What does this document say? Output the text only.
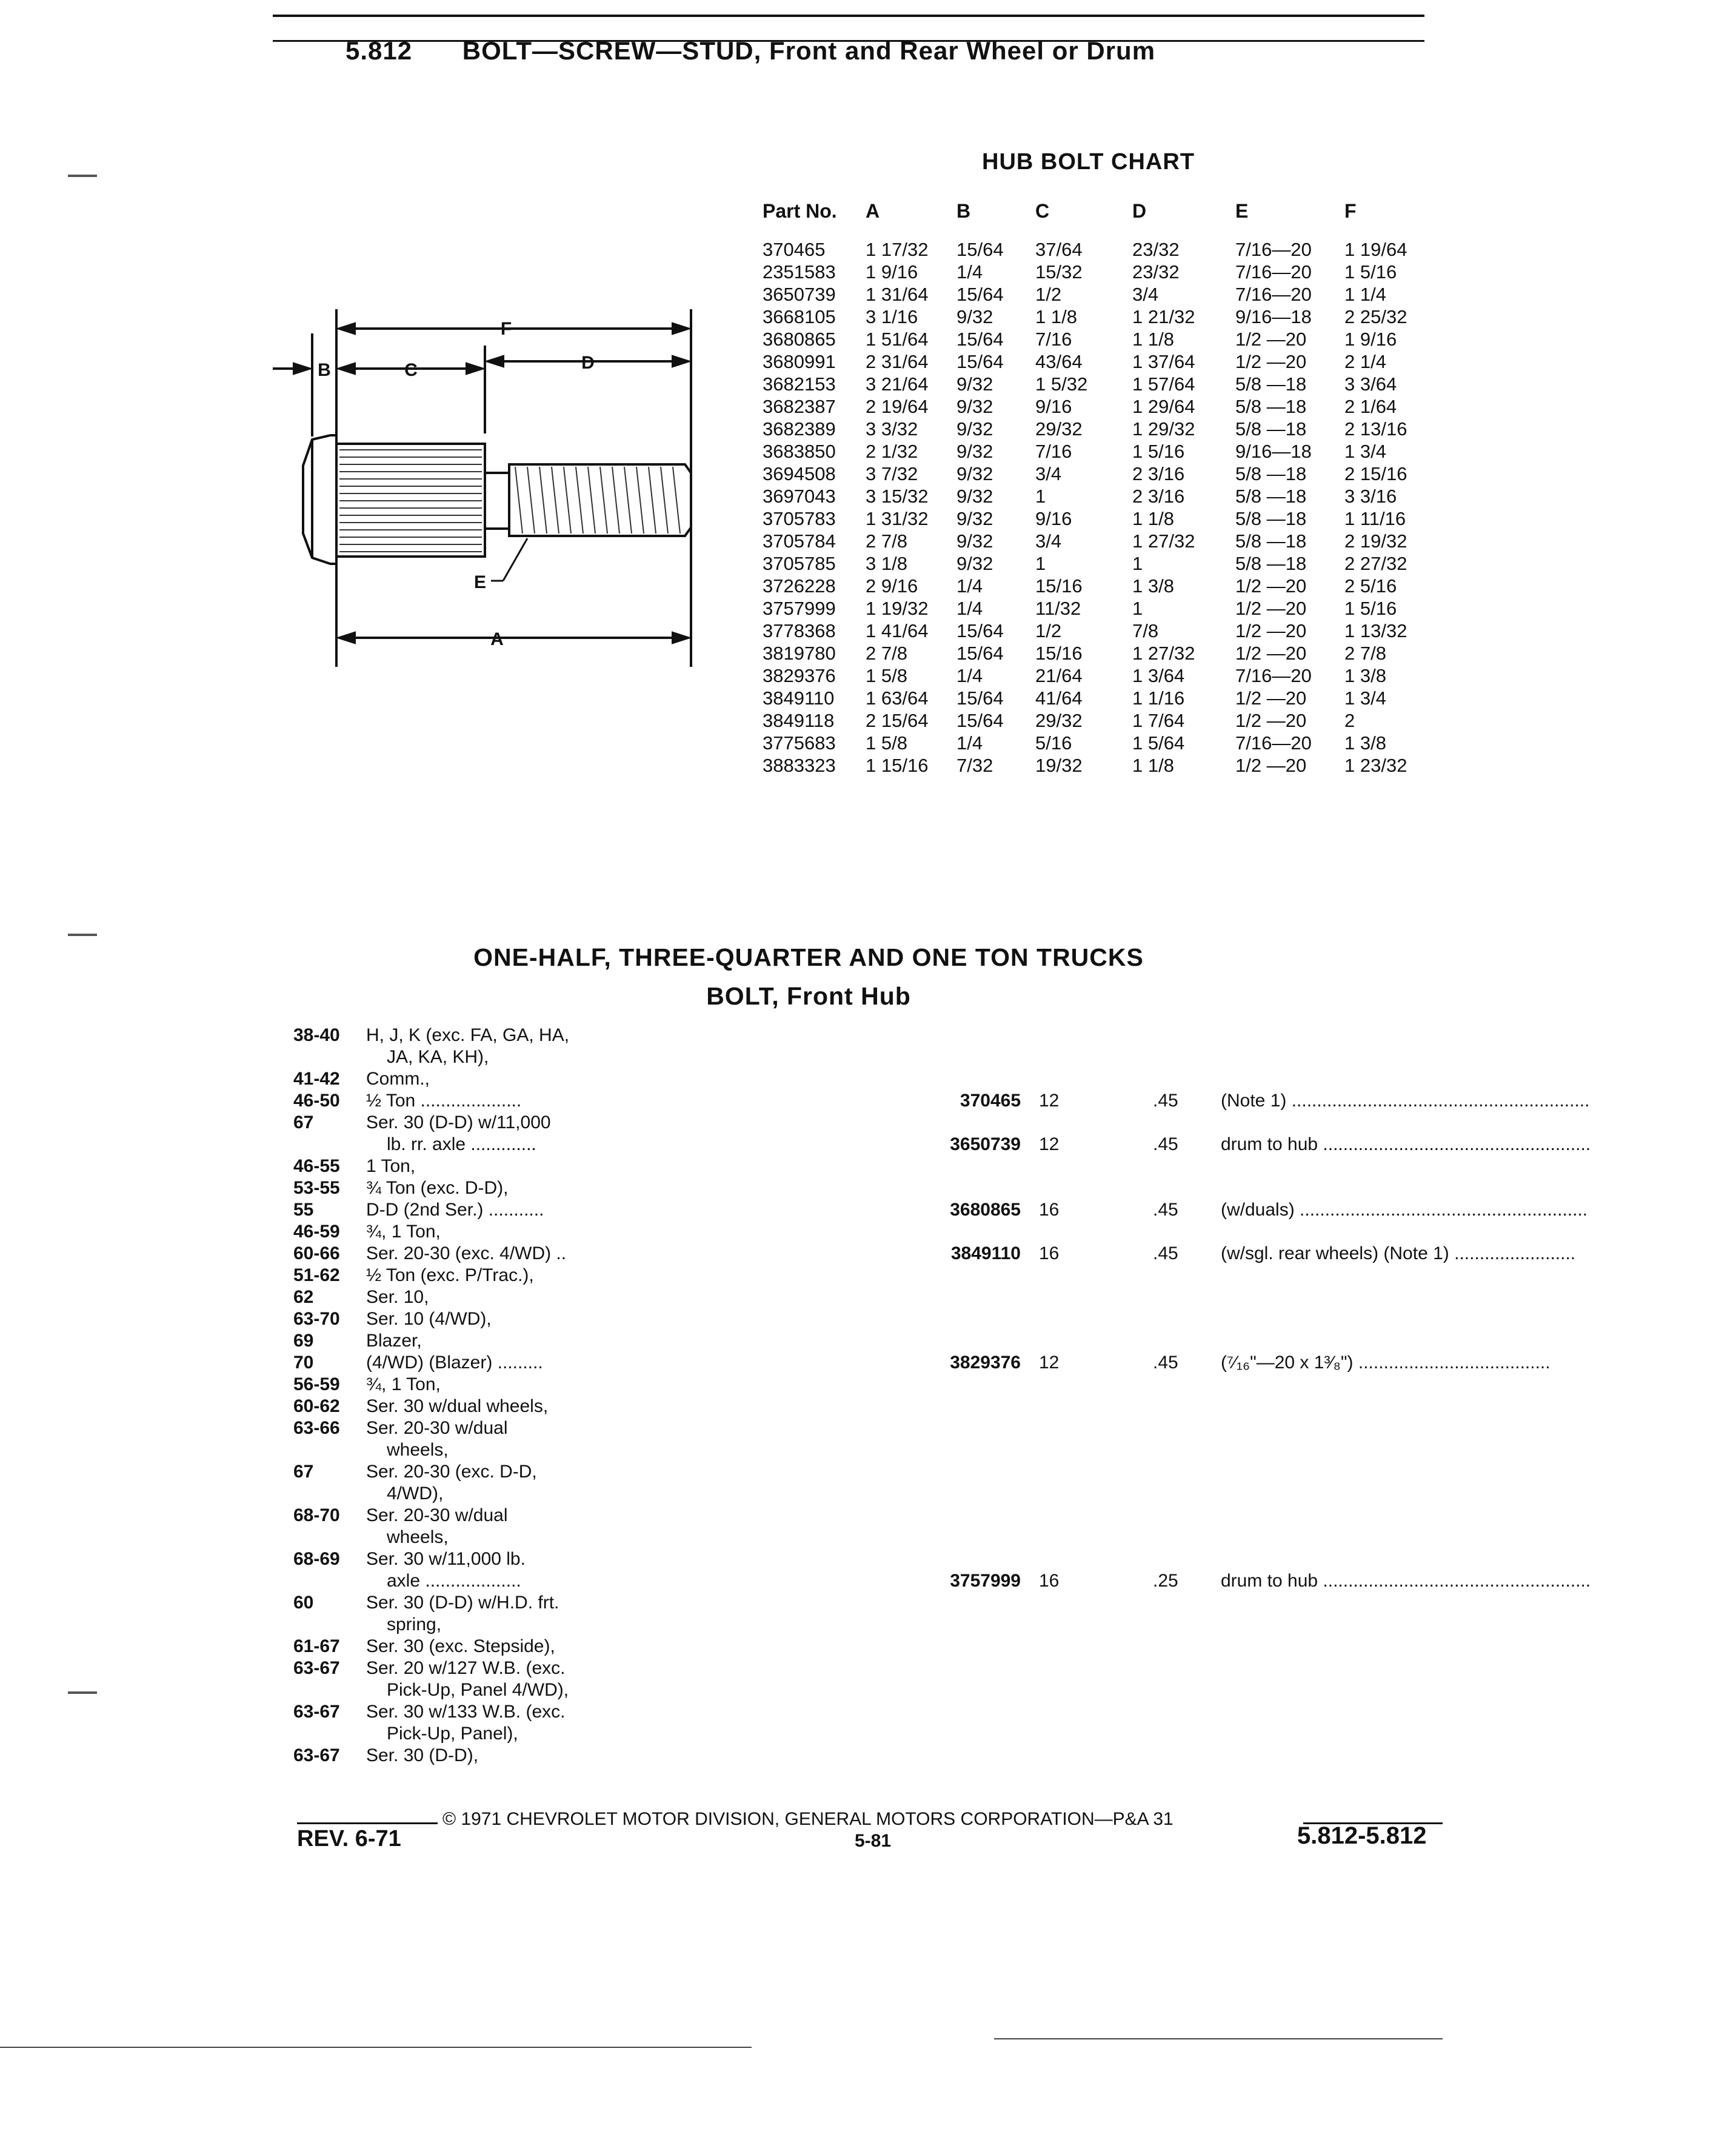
5.812 BOLT—SCREW—STUD, Front and Rear Wheel or Drum
HUB BOLT CHART
Part No.	A	B	C	D	E	F
370465	1 17/32	15/64	37/64	23/32	7/16—20	1 19/64
2351583	1 9/16	1/4	15/32	23/32	7/16—20	1 5/16
3650739	1 31/64	15/64	1/2	3/4	7/16—20	1 1/4
3668105	3 1/16	9/32	1 1/8	1 21/32	9/16—18	2 25/32
3680865	1 51/64	15/64	7/16	1 1/8	1/2 —20	1 9/16
3680991	2 31/64	15/64	43/64	1 37/64	1/2 —20	2 1/4
3682153	3 21/64	9/32	1 5/32	1 57/64	5/8 —18	3 3/64
3682387	2 19/64	9/32	9/16	1 29/64	5/8 —18	2 1/64
3682389	3 3/32	9/32	29/32	1 29/32	5/8 —18	2 13/16
3683850	2 1/32	9/32	7/16	1 5/16	9/16—18	1 3/4
3694508	3 7/32	9/32	3/4	2 3/16	5/8 —18	2 15/16
3697043	3 15/32	9/32	1	2 3/16	5/8 —18	3 3/16
3705783	1 31/32	9/32	9/16	1 1/8	5/8 —18	1 11/16
3705784	2 7/8	9/32	3/4	1 27/32	5/8 —18	2 19/32
3705785	3 1/8	9/32	1	1	5/8 —18	2 27/32
3726228	2 9/16	1/4	15/16	1 3/8	1/2 —20	2 5/16
3757999	1 19/32	1/4	11/32	1	1/2 —20	1 5/16
3778368	1 41/64	15/64	1/2	7/8	1/2 —20	1 13/32
3819780	2 7/8	15/64	15/16	1 27/32	1/2 —20	2 7/8
3829376	1 5/8	1/4	21/64	1 3/64	7/16—20	1 3/8
3849110	1 63/64	15/64	41/64	1 1/16	1/2 —20	1 3/4
3849118	2 15/64	15/64	29/32	1 7/64	1/2 —20	2
3775683	1 5/8	1/4	5/16	1 5/64	7/16—20	1 3/8
3883323	1 15/16	7/32	19/32	1 1/8	1/2 —20	1 23/32
F
B	C	D
E
A
ONE-HALF, THREE-QUARTER AND ONE TON TRUCKS
BOLT, Front Hub
38-40 H, J, K (exc. FA, GA, HA,
JA, KA, KH),
41-42 Comm.,
46-50 ½ Ton ....................	370465 12	.45 (Note 1) ...........................................................
67	Ser. 30 (D-D) w/11,000
lb. rr. axle .............	3650739 12	.45 drum to hub .....................................................
46-55 1 Ton,
53-55 ¾ Ton (exc. D-D),
55	D-D (2nd Ser.) ...........	3680865 16	.45 (w/duals) .........................................................
46-59 ¾, 1 Ton,
60-66 Ser. 20-30 (exc. 4/WD) ..	3849110 16	.45 (w/sgl. rear wheels) (Note 1) ........................
51-62 ½ Ton (exc. P/Trac.),
62	Ser. 10,
63-70 Ser. 10 (4/WD),
69	Blazer,
70	(4/WD) (Blazer) .........	3829376 12	.45 (⁷⁄₁₆"—20 x 1³⁄₈") ......................................
56-59 ¾, 1 Ton,
60-62 Ser. 30 w/dual wheels,
63-66 Ser. 20-30 w/dual
wheels,
67	Ser. 20-30 (exc. D-D,
4/WD),
68-70 Ser. 20-30 w/dual
wheels,
68-69 Ser. 30 w/11,000 lb.
axle ...................	3757999 16	.25 drum to hub .....................................................
60	Ser. 30 (D-D) w/H.D. frt.
spring,
61-67 Ser. 30 (exc. Stepside),
63-67 Ser. 20 w/127 W.B. (exc.
Pick-Up, Panel 4/WD),
63-67 Ser. 30 w/133 W.B. (exc.
Pick-Up, Panel),
63-67 Ser. 30 (D-D),
© 1971 CHEVROLET MOTOR DIVISION, GENERAL MOTORS CORPORATION—P&A 31
REV. 6-71	5-81	5.812-5.812
